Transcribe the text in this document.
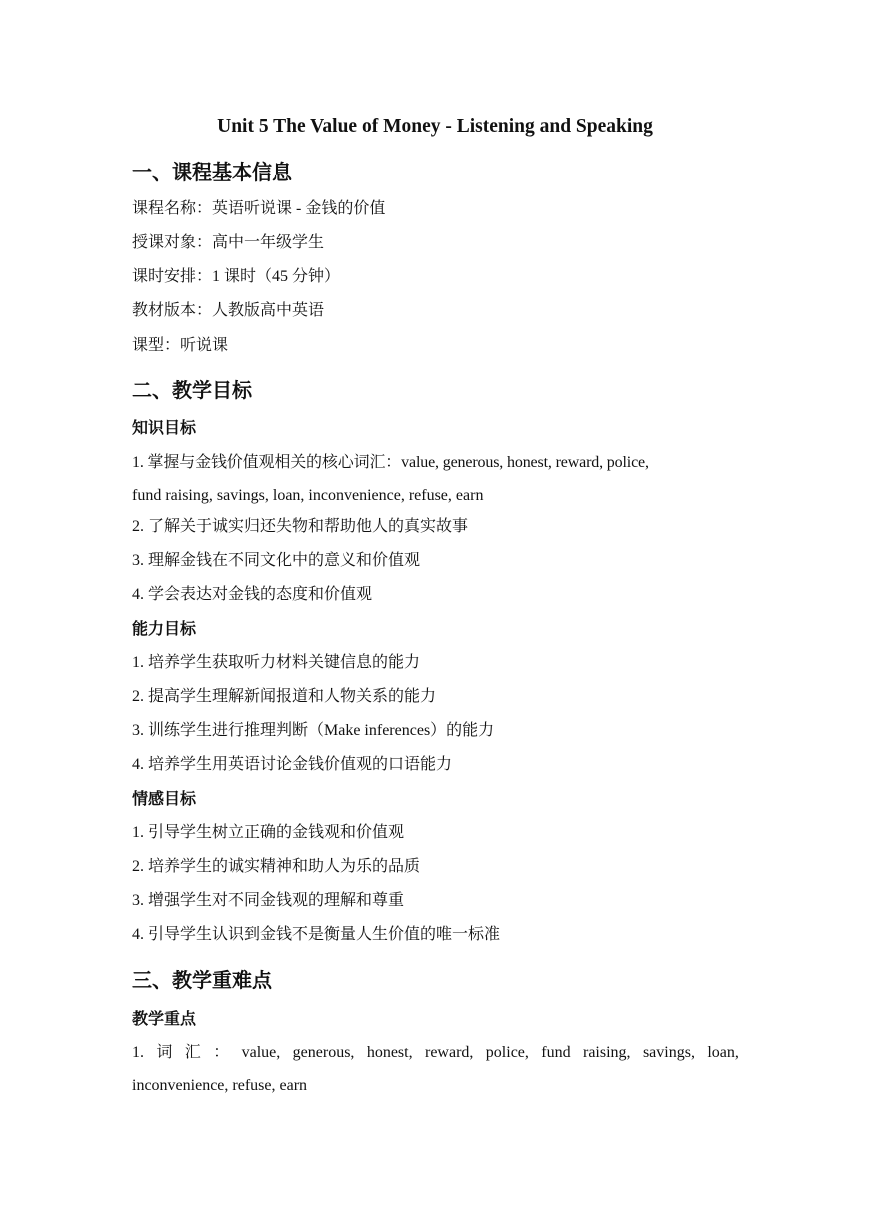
Unit 5 The Value of Money - Listening and Speaking
一、课程基本信息
课程名称：英语听说课 - 金钱的价值
授课对象：高中一年级学生
课时安排：1 课时（45 分钟）
教材版本：人教版高中英语
课型：听说课
二、教学目标
知识目标
1. 掌握与金钱价值观相关的核心词汇：value, generous, honest, reward, police,
fund raising, savings, loan, inconvenience, refuse, earn
2. 了解关于诚实归还失物和帮助他人的真实故事
3. 理解金钱在不同文化中的意义和价值观
4. 学会表达对金钱的态度和价值观
能力目标
1. 培养学生获取听力材料关键信息的能力
2. 提高学生理解新闻报道和人物关系的能力
3. 训练学生进行推理判断（Make inferences）的能力
4. 培养学生用英语讨论金钱价值观的口语能力
情感目标
1. 引导学生树立正确的金钱观和价值观
2. 培养学生的诚实精神和助人为乐的品质
3. 增强学生对不同金钱观的理解和尊重
4. 引导学生认识到金钱不是衡量人生价值的唯一标准
三、教学重难点
教学重点
1. 词 汇 ： value, generous, honest, reward, police, fund raising, savings, loan,
inconvenience, refuse, earn
